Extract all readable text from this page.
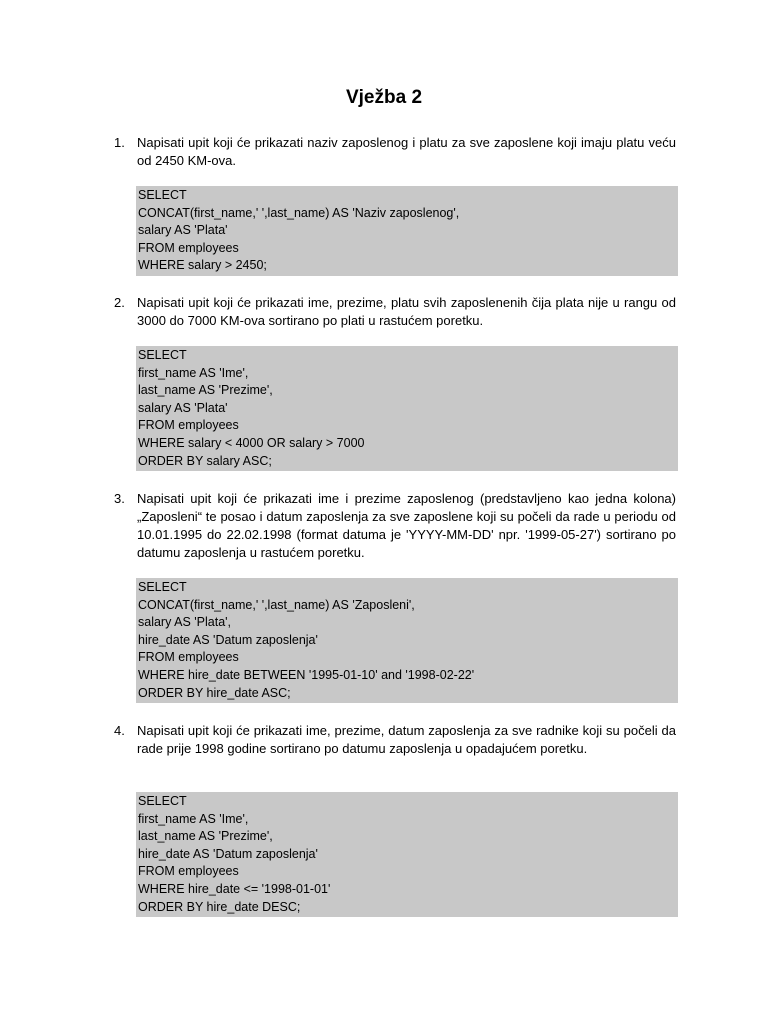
Vježba 2
1. Napisati upit koji će prikazati naziv zaposlenog i platu za sve zaposlene koji imaju platu veću od 2450 KM-ova.
SELECT
CONCAT(first_name,' ',last_name) AS 'Naziv zaposlenog',
salary AS 'Plata'
FROM employees
WHERE salary > 2450;
2. Napisati upit koji će prikazati ime, prezime, platu svih zaposlenenih čija plata nije u rangu od 3000 do 7000 KM-ova sortirano po plati u rastućem poretku.
SELECT
first_name AS 'Ime',
last_name AS 'Prezime',
salary AS 'Plata'
FROM employees
WHERE salary < 4000 OR salary > 7000
ORDER BY salary ASC;
3. Napisati upit koji će prikazati ime i prezime zaposlenog (predstavljeno kao jedna kolona) „Zaposleni“ te posao i datum zaposlenja za sve zaposlene koji su počeli da rade u periodu od 10.01.1995 do 22.02.1998 (format datuma je 'YYYY-MM-DD' npr. '1999-05-27') sortirano po datumu zaposlenja u rastućem poretku.
SELECT
CONCAT(first_name,' ',last_name) AS 'Zaposleni',
salary AS 'Plata',
hire_date AS 'Datum zaposlenja'
FROM employees
WHERE hire_date BETWEEN '1995-01-10' and '1998-02-22'
ORDER BY hire_date ASC;
4. Napisati upit koji će prikazati ime, prezime, datum zaposlenja za sve radnike koji su počeli da rade prije 1998 godine sortirano po datumu zaposlenja u opadajućem poretku.
SELECT
first_name AS 'Ime',
last_name AS 'Prezime',
hire_date AS 'Datum zaposlenja'
FROM employees
WHERE hire_date <= '1998-01-01'
ORDER BY hire_date DESC;
